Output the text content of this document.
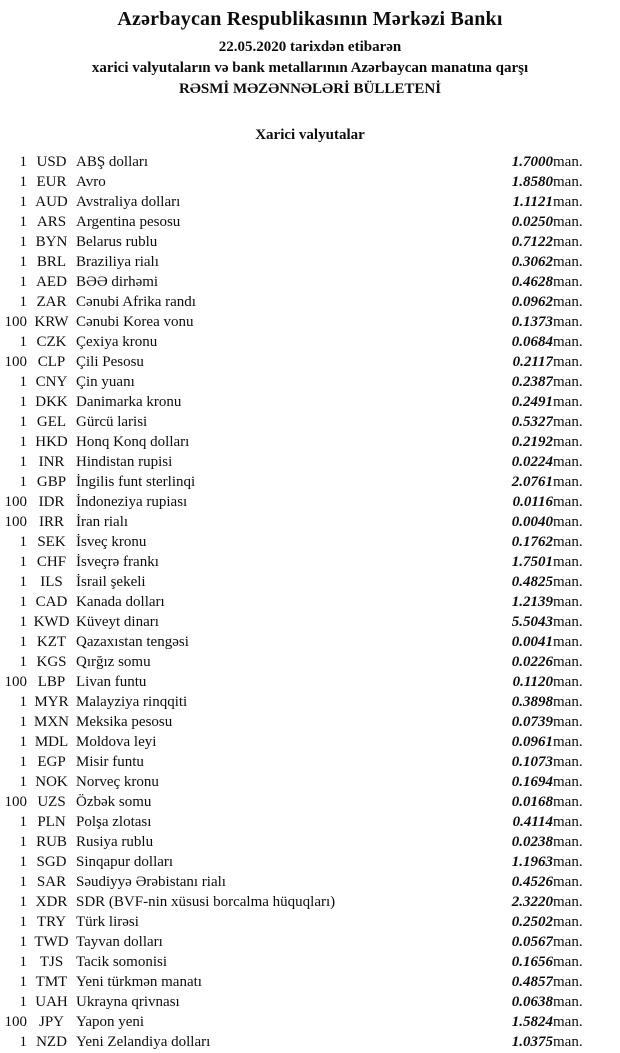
Azərbaycan Respublikasının Mərkəzi Bankı
22.05.2020 tarixdən etibarən
xarici valyutaların və bank metallarının Azərbaycan manatına qarşı
RƏSMİ MƏZƏNNƏLƏRİ BÜLLETENİ
Xarici valyutalar
1	USD	ABŞ dolları	1.7000	man.
1	EUR	Avro	1.8580	man.
1	AUD	Avstraliya dolları	1.1121	man.
1	ARS	Argentina pesosu	0.0250	man.
1	BYN	Belarus rublu	0.7122	man.
1	BRL	Braziliya rialı	0.3062	man.
1	AED	BƏƏ dirhəmi	0.4628	man.
1	ZAR	Cənubi Afrika randı	0.0962	man.
100	KRW	Cənubi Korea vonu	0.1373	man.
1	CZK	Çexiya kronu	0.0684	man.
100	CLP	Çili Pesosu	0.2117	man.
1	CNY	Çin yuanı	0.2387	man.
1	DKK	Danimarka kronu	0.2491	man.
1	GEL	Gürcü larisi	0.5327	man.
1	HKD	Honq Konq dolları	0.2192	man.
1	INR	Hindistan rupisi	0.0224	man.
1	GBP	İngilis funt sterlinqi	2.0761	man.
100	IDR	İndoneziya rupiası	0.0116	man.
100	IRR	İran rialı	0.0040	man.
1	SEK	İsveç kronu	0.1762	man.
1	CHF	İsveçrə frankı	1.7501	man.
1	ILS	İsrail şekeli	0.4825	man.
1	CAD	Kanada dolları	1.2139	man.
1	KWD	Küveyt dinarı	5.5043	man.
1	KZT	Qazaxıstan tengəsi	0.0041	man.
1	KGS	Qırğız somu	0.0226	man.
100	LBP	Livan funtu	0.1120	man.
1	MYR	Malayziya rinqqiti	0.3898	man.
1	MXN	Meksika pesosu	0.0739	man.
1	MDL	Moldova leyi	0.0961	man.
1	EGP	Misir funtu	0.1073	man.
1	NOK	Norveç kronu	0.1694	man.
100	UZS	Özbək somu	0.0168	man.
1	PLN	Polşa zlotası	0.4114	man.
1	RUB	Rusiya rublu	0.0238	man.
1	SGD	Sinqapur dolları	1.1963	man.
1	SAR	Səudiyyə Ərəbistanı rialı	0.4526	man.
1	XDR	SDR (BVF-nin xüsusi borcalma hüquqları)	2.3220	man.
1	TRY	Türk lirəsi	0.2502	man.
1	TWD	Tayvan dolları	0.0567	man.
1	TJS	Tacik somonisi	0.1656	man.
1	TMT	Yeni türkmən manatı	0.4857	man.
1	UAH	Ukrayna qrivnası	0.0638	man.
100	JPY	Yapon yeni	1.5824	man.
1	NZD	Yeni Zelandiya dolları	1.0375	man.
